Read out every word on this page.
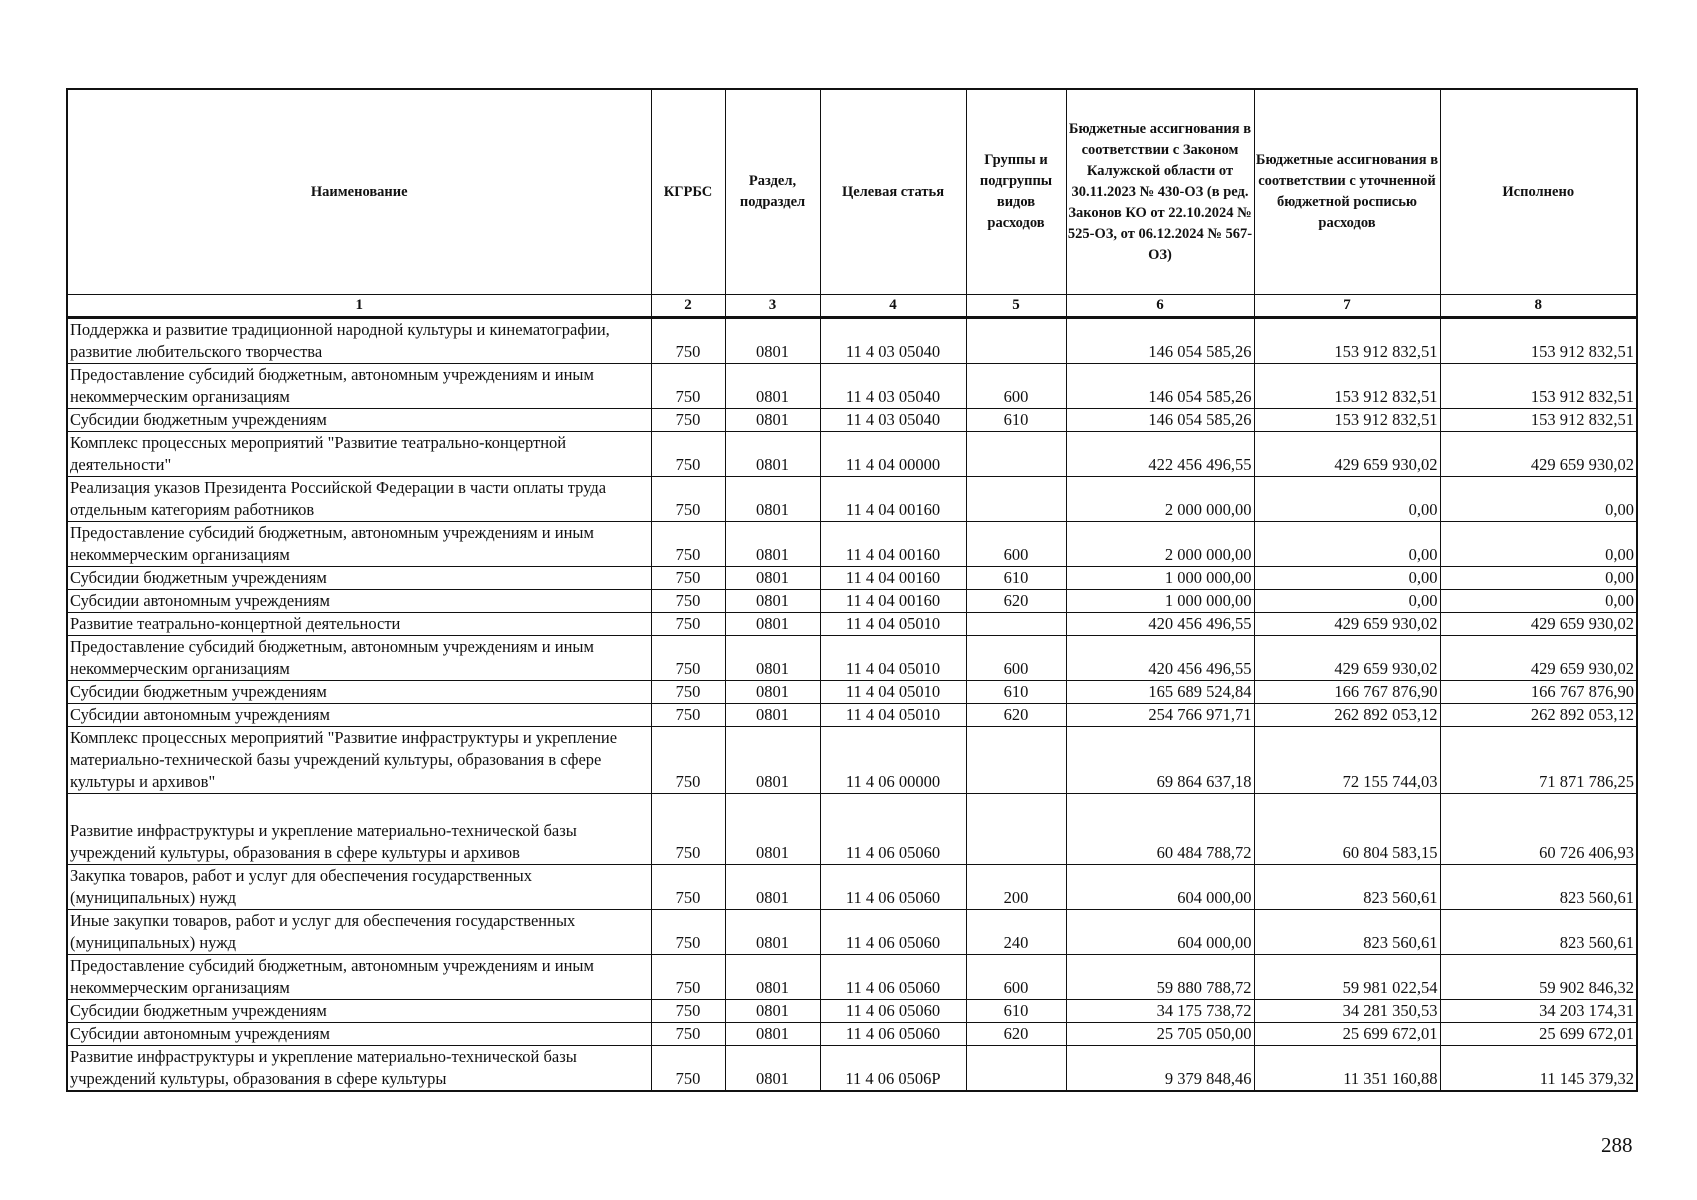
Наименование	КГРБС	Раздел, подраздел	Целевая статья	Группы и подгруппы видов расходов	Бюджетные ассигнования в соответствии с Законом Калужской области от 30.11.2023 № 430-ОЗ (в ред. Законов КО от 22.10.2024 № 525-ОЗ, от 06.12.2024 № 567-ОЗ)	Бюджетные ассигнования в соответствии с уточненной бюджетной росписью расходов	Исполнено
1	2	3	4	5	6	7	8
Поддержка и развитие традиционной народной культуры и кинематографии, развитие любительского творчества	750	0801	11 4 03 05040		146 054 585,26	153 912 832,51	153 912 832,51
Предоставление субсидий бюджетным, автономным учреждениям и иным некоммерческим организациям	750	0801	11 4 03 05040	600	146 054 585,26	153 912 832,51	153 912 832,51
Субсидии бюджетным учреждениям	750	0801	11 4 03 05040	610	146 054 585,26	153 912 832,51	153 912 832,51
Комплекс процессных мероприятий "Развитие театрально-концертной деятельности"	750	0801	11 4 04 00000		422 456 496,55	429 659 930,02	429 659 930,02
Реализация указов Президента Российской Федерации в части оплаты труда отдельным категориям работников	750	0801	11 4 04 00160		2 000 000,00	0,00	0,00
Предоставление субсидий бюджетным, автономным учреждениям и иным некоммерческим организациям	750	0801	11 4 04 00160	600	2 000 000,00	0,00	0,00
Субсидии бюджетным учреждениям	750	0801	11 4 04 00160	610	1 000 000,00	0,00	0,00
Субсидии автономным учреждениям	750	0801	11 4 04 00160	620	1 000 000,00	0,00	0,00
Развитие театрально-концертной деятельности	750	0801	11 4 04 05010		420 456 496,55	429 659 930,02	429 659 930,02
Предоставление субсидий бюджетным, автономным учреждениям и иным некоммерческим организациям	750	0801	11 4 04 05010	600	420 456 496,55	429 659 930,02	429 659 930,02
Субсидии бюджетным учреждениям	750	0801	11 4 04 05010	610	165 689 524,84	166 767 876,90	166 767 876,90
Субсидии автономным учреждениям	750	0801	11 4 04 05010	620	254 766 971,71	262 892 053,12	262 892 053,12
Комплекс процессных мероприятий "Развитие инфраструктуры и укрепление материально-технической базы учреждений культуры, образования в сфере культуры и архивов"	750	0801	11 4 06 00000		69 864 637,18	72 155 744,03	71 871 786,25
Развитие инфраструктуры и укрепление материально-технической базы учреждений культуры, образования в сфере культуры и архивов	750	0801	11 4 06 05060		60 484 788,72	60 804 583,15	60 726 406,93
Закупка товаров, работ и услуг для обеспечения государственных (муниципальных) нужд	750	0801	11 4 06 05060	200	604 000,00	823 560,61	823 560,61
Иные закупки товаров, работ и услуг для обеспечения государственных (муниципальных) нужд	750	0801	11 4 06 05060	240	604 000,00	823 560,61	823 560,61
Предоставление субсидий бюджетным, автономным учреждениям и иным некоммерческим организациям	750	0801	11 4 06 05060	600	59 880 788,72	59 981 022,54	59 902 846,32
Субсидии бюджетным учреждениям	750	0801	11 4 06 05060	610	34 175 738,72	34 281 350,53	34 203 174,31
Субсидии автономным учреждениям	750	0801	11 4 06 05060	620	25 705 050,00	25 699 672,01	25 699 672,01
Развитие инфраструктуры и укрепление материально-технической базы учреждений культуры, образования в сфере культуры	750	0801	11 4 06 0506Р		9 379 848,46	11 351 160,88	11 145 379,32
288
